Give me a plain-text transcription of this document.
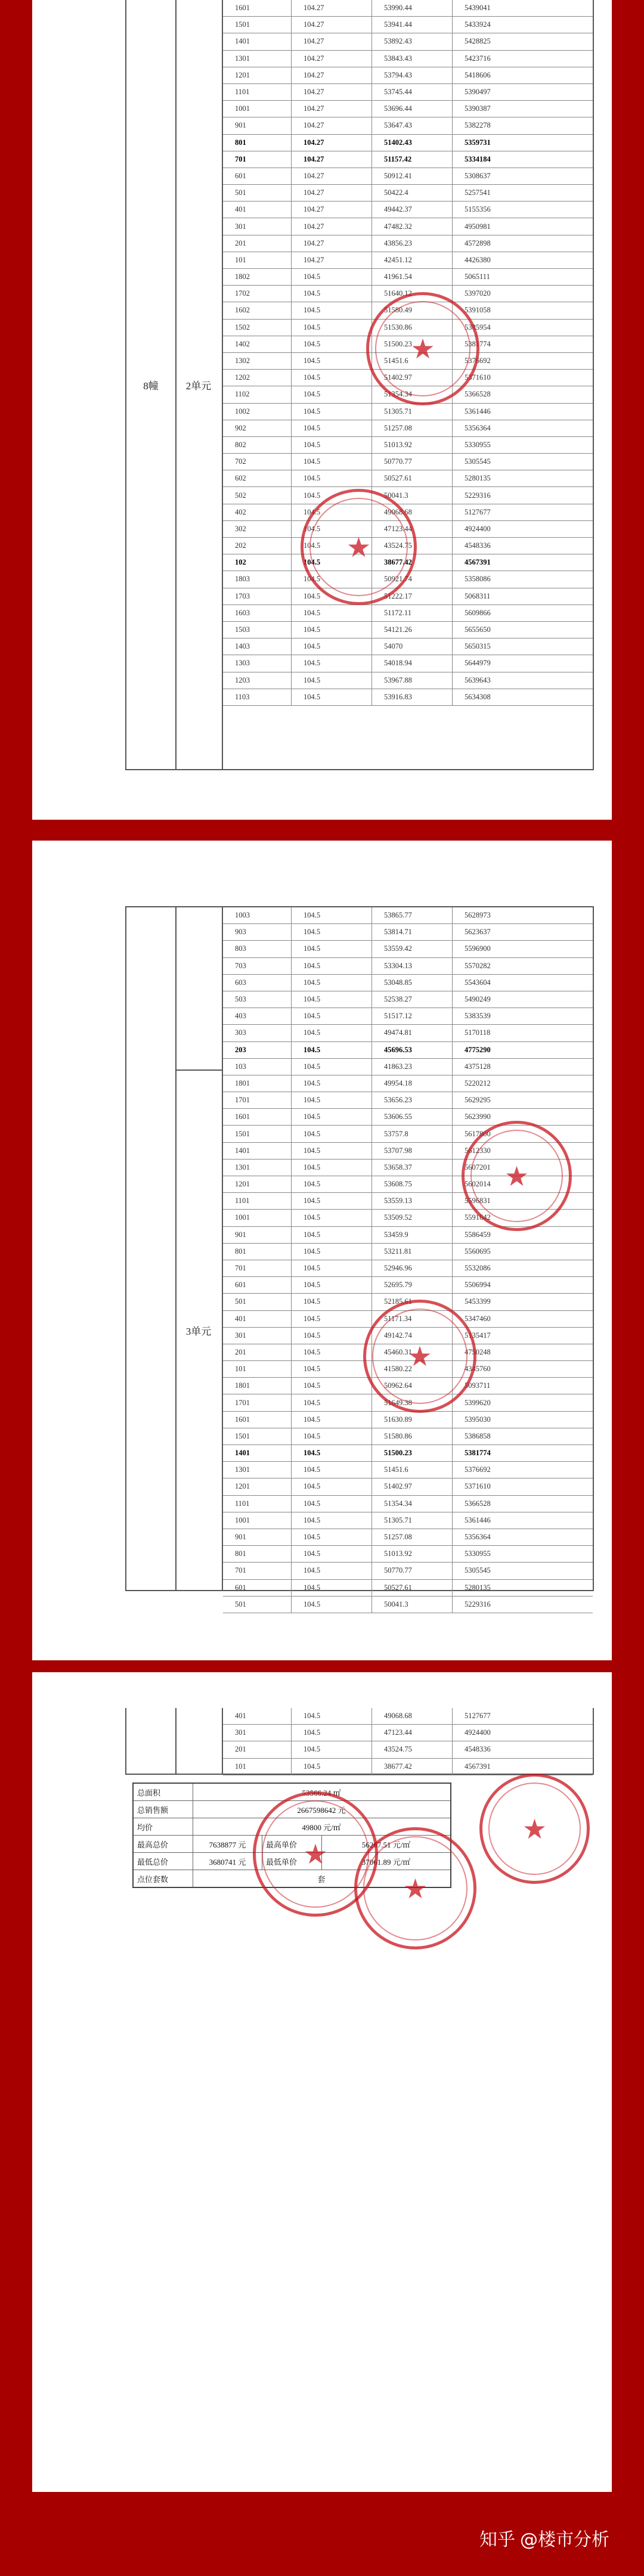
8幢	2单元
1601	104.27	53990.44	5439041
1501	104.27	53941.44	5433924
1401	104.27	53892.43	5428825
1301	104.27	53843.43	5423716
1201	104.27	53794.43	5418606
1101	104.27	53745.44	5390497
1001	104.27	53696.44	5390387
901	104.27	53647.43	5382278
801	104.27	51402.43	5359731
701	104.27	51157.42	5334184
601	104.27	50912.41	5308637
501	104.27	50422.4	5257541
401	104.27	49442.37	5155356
301	104.27	47482.32	4950981
201	104.27	43856.23	4572898
101	104.27	42451.12	4426380
1802	104.5	41961.54	5065111
1702	104.5	51640.12	5397020
1602	104.5	51580.49	5391058
1502	104.5	51530.86	5385954
1402	104.5	51500.23	5381774
1302	104.5	51451.6	5376692
1202	104.5	51402.97	5371610
1102	104.5	51354.34	5366528
1002	104.5	51305.71	5361446
902	104.5	51257.08	5356364
802	104.5	51013.92	5330955
702	104.5	50770.77	5305545
602	104.5	50527.61	5280135
502	104.5	50041.3	5229316
402	104.5	49068.68	5127677
302	104.5	47123.44	4924400
202	104.5	43524.75	4548336
102	104.5	38677.42	4567391
1803	104.5	50921.74	5358086
1703	104.5	51222.17	5068311
1603	104.5	51172.11	5609866
1503	104.5	54121.26	5655650
1403	104.5	54070	5650315
1303	104.5	54018.94	5644979
1203	104.5	53967.88	5639643
1103	104.5	53916.83	5634308
★
★
3单元
1003	104.5	53865.77	5628973
903	104.5	53814.71	5623637
803	104.5	53559.42	5596900
703	104.5	53304.13	5570282
603	104.5	53048.85	5543604
503	104.5	52538.27	5490249
403	104.5	51517.12	5383539
303	104.5	49474.81	5170118
203	104.5	45696.53	4775290
103	104.5	41863.23	4375128
1801	104.5	49954.18	5220212
1701	104.5	53656.23	5629295
1601	104.5	53606.55	5623990
1501	104.5	53757.8	5617800
1401	104.5	53707.98	5612330
1301	104.5	53658.37	5607201
1201	104.5	53608.75	5602014
1101	104.5	53559.13	5596831
1001	104.5	53509.52	5591642
901	104.5	53459.9	5586459
801	104.5	53211.81	5560695
701	104.5	52946.96	5532086
601	104.5	52695.79	5506994
501	104.5	52185.61	5453399
401	104.5	51171.34	5347460
301	104.5	49142.74	5135417
201	104.5	45460.31	4750248
101	104.5	41580.22	4345760
1801	104.5	50962.64	5093711
1701	104.5	51649.38	5399620
1601	104.5	51630.89	5395030
1501	104.5	51580.86	5386858
1401	104.5	51500.23	5381774
1301	104.5	51451.6	5376692
1201	104.5	51402.97	5371610
1101	104.5	51354.34	5366528
1001	104.5	51305.71	5361446
901	104.5	51257.08	5356364
801	104.5	51013.92	5330955
701	104.5	50770.77	5305545
601	104.5	50527.61	5280135
501	104.5	50041.3	5229316
★
★
401	104.5	49068.68	5127677
301	104.5	47123.44	4924400
201	104.5	43524.75	4548336
101	104.5	38677.42	4567391
总面积	53566.24 ㎡
总销售额	2667598642 元
均价	49800 元/㎡
最高总价	7638877 元	最高单价	56267.51 元/㎡
最低总价	3680741 元	最低单价	37061.89 元/㎡
点位套数	套
★
★
★
知乎 @楼市分析
